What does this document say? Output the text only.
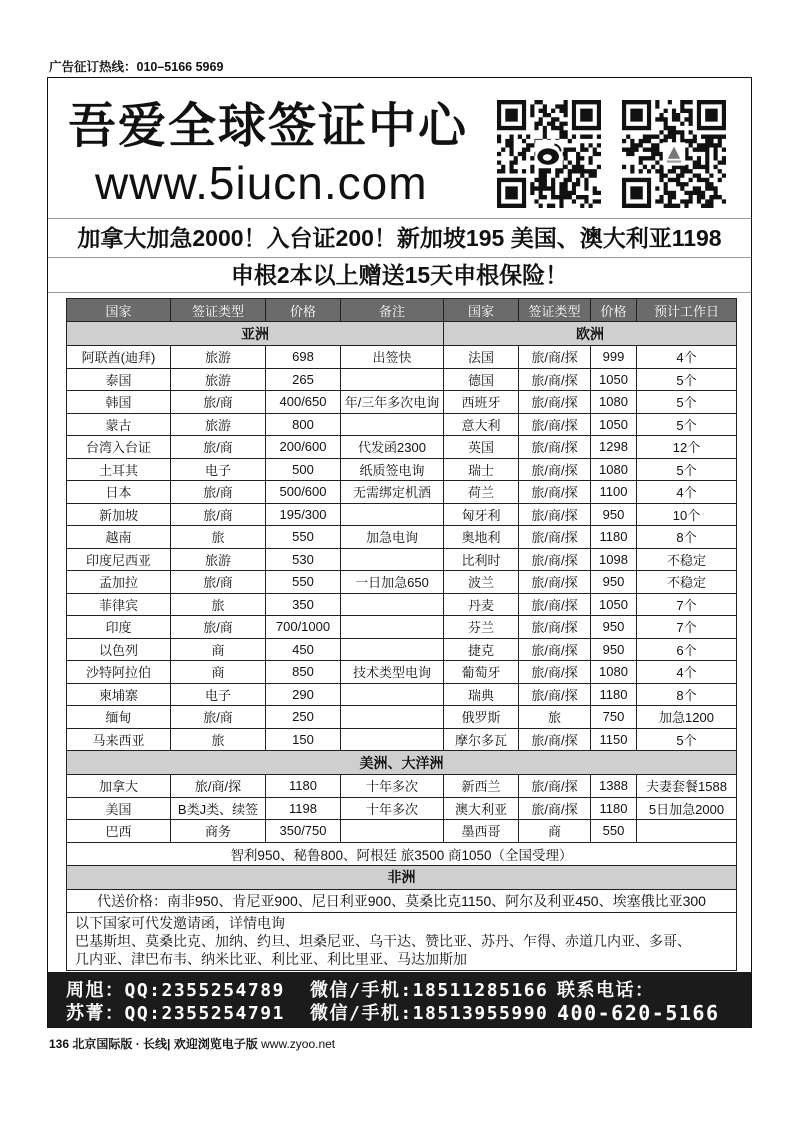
广告征订热线：010–5166 5969
吾爱全球签证中心
www.5iucn.com
加拿大加急2000！入台证200！新加坡195 美国、澳大利亚1198
申根2本以上赠送15天申根保险！
国家	签证类型	价格	备注	国家	签证类型	价格	预计工作日
亚洲				欧洲			
阿联酋(迪拜)	旅游	698	出签快	法国	旅/商/探	999	4个
泰国	旅游	265		德国	旅/商/探	1050	5个
韩国	旅/商	400/650	年/三年多次电询	西班牙	旅/商/探	1080	5个
蒙古	旅游	800		意大利	旅/商/探	1050	5个
台湾入台证	旅/商	200/600	代发函2300	英国	旅/商/探	1298	12个
土耳其	电子	500	纸质签电询	瑞士	旅/商/探	1080	5个
日本	旅/商	500/600	无需绑定机酒	荷兰	旅/商/探	1100	4个
新加坡	旅/商	195/300		匈牙利	旅/商/探	950	10个
越南	旅	550	加急电询	奥地利	旅/商/探	1180	8个
印度尼西亚	旅游	530		比利时	旅/商/探	1098	不稳定
孟加拉	旅/商	550	一日加急650	波兰	旅/商/探	950	不稳定
菲律宾	旅	350		丹麦	旅/商/探	1050	7个
印度	旅/商	700/1000		芬兰	旅/商/探	950	7个
以色列	商	450		捷克	旅/商/探	950	6个
沙特阿拉伯	商	850	技术类型电询	葡萄牙	旅/商/探	1080	4个
柬埔寨	电子	290		瑞典	旅/商/探	1180	8个
缅甸	旅/商	250		俄罗斯	旅	750	加急1200
马来西亚	旅	150		摩尔多瓦	旅/商/探	1150	5个
美洲、大洋洲							
加拿大	旅/商/探	1180	十年多次	新西兰	旅/商/探	1388	夫妻套餐1588
美国	B类J类、续签	1198	十年多次	澳大利亚	旅/商/探	1180	5日加急2000
巴西	商务	350/750		墨西哥	商	550	
智利950、秘鲁800、阿根廷 旅3500 商1050（全国受理）							
非洲							
代送价格：南非950、肯尼亚900、尼日利亚900、莫桑比克1150、阿尔及利亚450、埃塞俄比亚300							

以下国家可代发邀请函，详情电询
巴基斯坦、莫桑比克、加纳、约旦、坦桑尼亚、乌干达、赞比亚、苏丹、乍得、赤道几内亚、多哥、
几内亚、津巴布韦、纳米比亚、利比亚、利比里亚、马达加斯加							
周旭：QQ:2355254789 微信/手机:18511285166 联系电话：
苏菁：QQ:2355254791 微信/手机:18513955990 400-620-5166
136 北京国际版 · 长线| 欢迎浏览电子版 www.zyoo.net
